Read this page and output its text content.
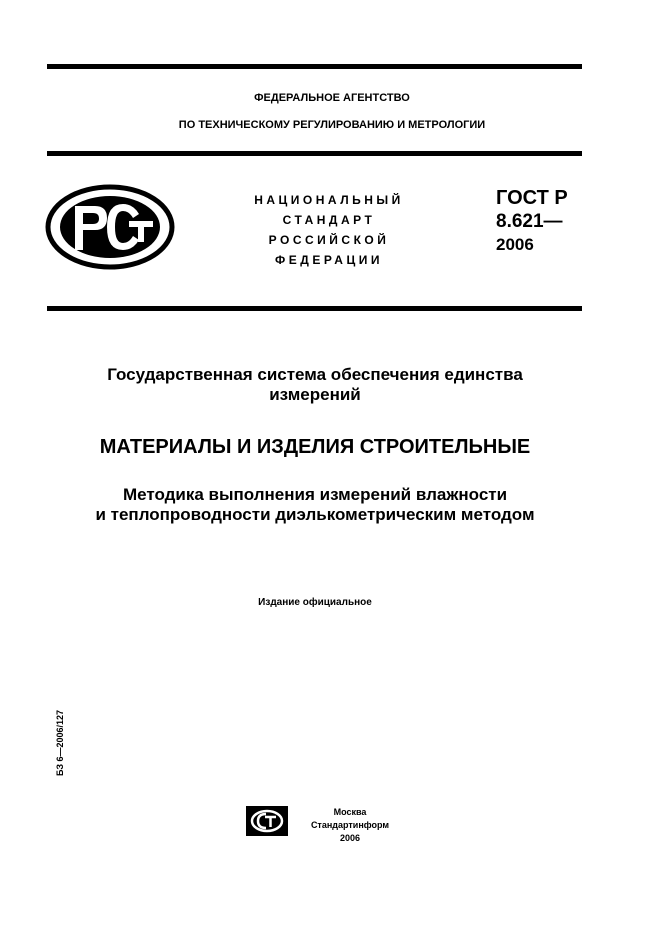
ФЕДЕРАЛЬНОЕ АГЕНТСТВО
ПО ТЕХНИЧЕСКОМУ РЕГУЛИРОВАНИЮ И МЕТРОЛОГИИ
НАЦИОНАЛЬНЫЙ
СТАНДАРТ
РОССИЙСКОЙ
ФЕДЕРАЦИИ
ГОСТ Р
8.621—
2006
Государственная система обеспечения единства
измерений
МАТЕРИАЛЫ И ИЗДЕЛИЯ СТРОИТЕЛЬНЫЕ
Методика выполнения измерений влажности
и теплопроводности диэлькометрическим методом
Издание официальное
БЗ 6—2006/127
Москва
Стандартинформ
2006
